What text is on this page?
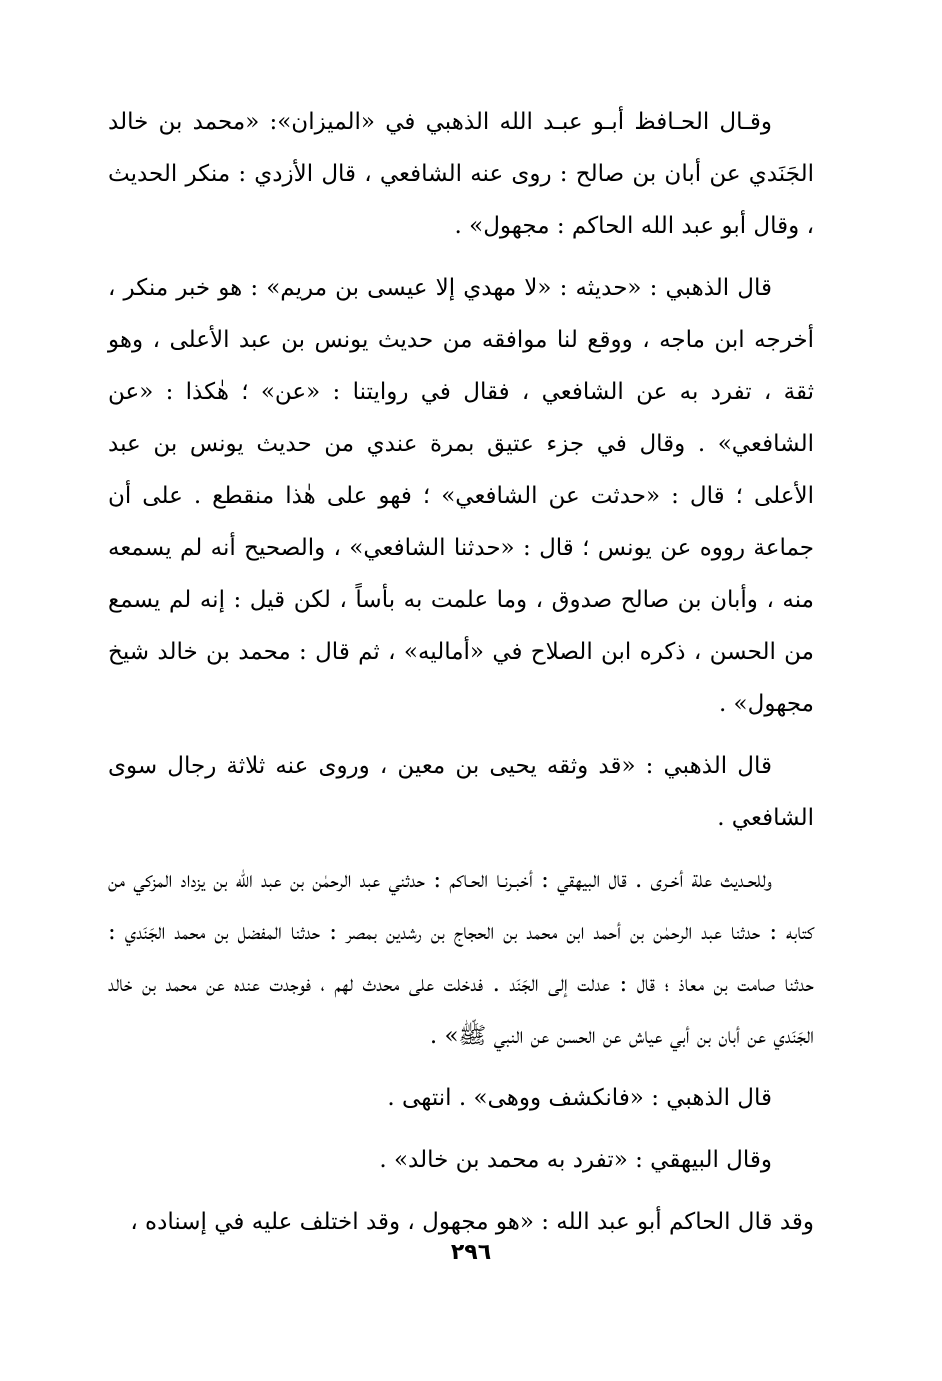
وقـال الحـافظ أبـو عبـد الله الذهبي في «الميزان»: «محمد بن خالد الجَنَدي عن أبان بن صالح : روى عنه الشافعي ، قال الأزدي : منكر الحديث ، وقال أبو عبد الله الحاكم : مجهول» .

قال الذهبي : «حديثه : «لا مهدي إلا عيسى بن مريم» : هو خبر منكر ، أخرجه ابن ماجه ، ووقع لنا موافقه من حديث يونس بن عبد الأعلى ، وهو ثقة ، تفرد به عن الشافعي ، فقال في روايتنا : «عن» ؛ هٰكذا : «عن الشافعي» . وقال في جزء عتيق بمرة عندي من حديث يونس بن عبد الأعلى ؛ قال : «حدثت عن الشافعي» ؛ فهو على هٰذا منقطع . على أن جماعة رووه عن يونس ؛ قال : «حدثنا الشافعي» ، والصحيح أنه لم يسمعه منه ، وأبان بن صالح صدوق ، وما علمت به بأساً ، لكن قيل : إنه لم يسمع من الحسن ، ذكره ابن الصلاح في «أماليه» ، ثم قال : محمد بن خالد شيخ مجهول» .

قال الذهبي : «قد وثقه يحيى بن معين ، وروى عنه ثلاثة رجال سوى الشافعي .

وللحـديث علة أخـرى . قال البيهقي : أخبـرنـا الحـاكم : حدثني عبد الرحمٰن بن عبد الله بن يزداد المزكي من كتابه : حدثنا عبد الرحمٰن بن أحمد ابن محمد بن الحجاج بن رشدين بمصر : حدثنا المفضل بن محمد الجَنَدي : حدثنا صامت بن معاذ ؛ قال : عدلت إلى الجَنَد . فدخلت على محدث لهم ، فوجدت عنده عن محمد بن خالد الجَنَدي عن أبان بن أبي عياش عن الحسن عن النبي ﷺ» .

قال الذهبي : «فانكشف ووهى» . انتهى .

وقال البيهقي : «تفرد به محمد بن خالد» .

وقد قال الحاكم أبو عبد الله : «هو مجهول ، وقد اختلف عليه في إسناده ،

٢٩٦
